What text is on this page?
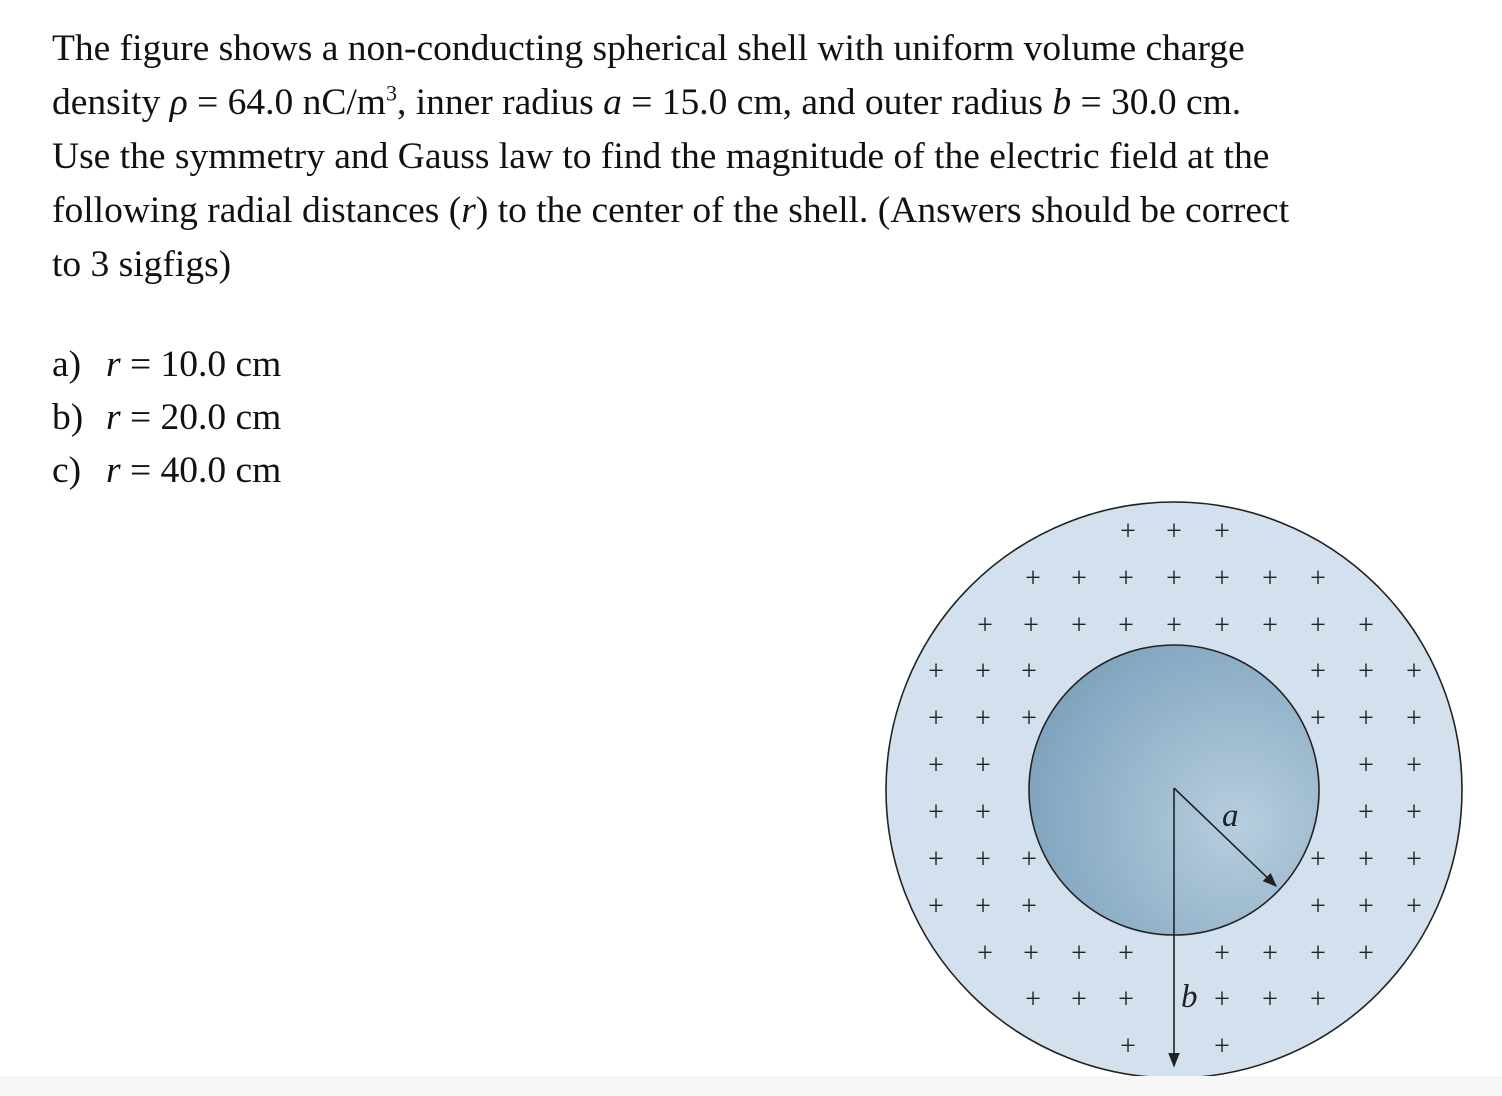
The figure shows a non-conducting spherical shell with uniform volume charge
density ρ = 64.0 $nC/m^3$, inner radius a = 15.0 cm, and outer radius b = 30.0 cm.
Use the symmetry and Gauss law to find the magnitude of the electric field at the
following radial distances (r) to the center of the shell. (Answers should be correct
to 3 sigfigs)
a) r = 10.0 cm
b) r = 20.0 cm
c) r = 40.0 cm
+ + +
+ + + + + + +
+ + + + + + + + +
+ + +	+ + +
+ + +	+ + +
+ +	+ +
+ +	+ +
+ + +	+ + +
+ + +	+ + +
+ + + +	+ + + +
+ + +	+ + +
+	+
a
b
